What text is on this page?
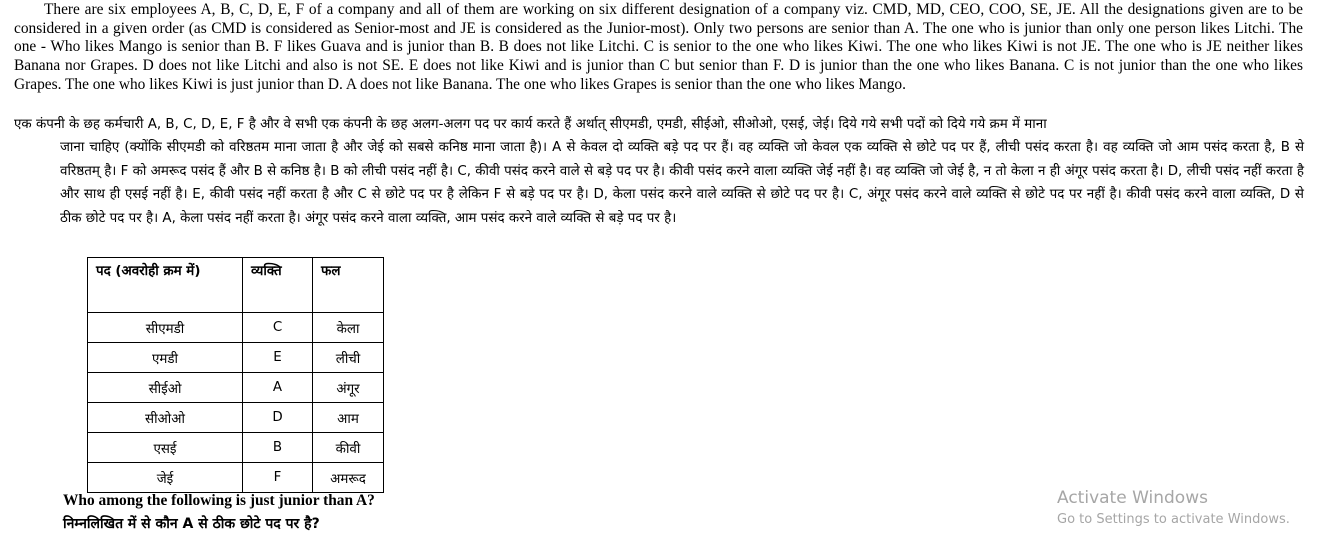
There are six employees A, B, C, D, E, F of a company and all of them are working on six different designation of a company viz. CMD, MD, CEO, COO, SE, JE. All the designations given are to be considered in a given order (as CMD is considered as Senior-most and JE is considered as the Junior-most). Only two persons are senior than A. The one who is junior than only one person likes Litchi. The one - Who likes Mango is senior than B. F likes Guava and is junior than B. B does not like Litchi. C is senior to the one who likes Kiwi. The one who likes Kiwi is not JE. The one who is JE neither likes Banana nor Grapes. D does not like Litchi and also is not SE. E does not like Kiwi and is junior than C but senior than F. D is junior than the one who likes Banana. C is not junior than the one who likes Grapes. The one who likes Kiwi is just junior than D. A does not like Banana. The one who likes Grapes is senior than the one who likes Mango.

एक कंपनी के छह कर्मचारी A, B, C, D, E, F है और वे सभी एक कंपनी के छह अलग-अलग पद पर कार्य करते हैं अर्थात् सीएमडी, एमडी, सीईओ, सीओओ, एसई, जेई। दिये गये सभी पदों को दिये गये क्रम में माना
जाना चाहिए (क्योंकि सीएमडी को वरिष्ठतम माना जाता है और जेई को सबसे कनिष्ठ माना जाता है)। A से केवल दो व्यक्ति बड़े पद पर हैं। वह व्यक्ति जो केवल एक व्यक्ति से छोटे पद पर हैं, लीची पसंद करता है। वह व्यक्ति जो आम पसंद करता है, B से वरिष्ठतम् है। F को अमरूद पसंद हैं और B से कनिष्ठ है। B को लीची पसंद नहीं है। C, कीवी पसंद करने वाले से बड़े पद पर है। कीवी पसंद करने वाला व्यक्ति जेई नहीं है। वह व्यक्ति जो जेई है, न तो केला न ही अंगूर पसंद करता है। D, लीची पसंद नहीं करता है और साथ ही एसई नहीं है। E, कीवी पसंद नहीं करता है और C से छोटे पद पर है लेकिन F से बड़े पद पर है। D, केला पसंद करने वाले व्यक्ति से छोटे पद पर है। C, अंगूर पसंद करने वाले व्यक्ति से छोटे पद पर नहीं है। कीवी पसंद करने वाला व्यक्ति, D से ठीक छोटे पद पर है। A, केला पसंद नहीं करता है। अंगूर पसंद करने वाला व्यक्ति, आम पसंद करने वाले व्यक्ति से बड़े पद पर है।

पद (अवरोही क्रम में)	व्यक्ति	फल
सीएमडी	C	केला
एमडी	E	लीची
सीईओ	A	अंगूर
सीओओ	D	आम
एसई	B	कीवी
जेई	F	अमरूद

Who among the following is just junior than A?

निम्नलिखित में से कौन A से ठीक छोटे पद पर है?

Activate Windows
Go to Settings to activate Windows.
